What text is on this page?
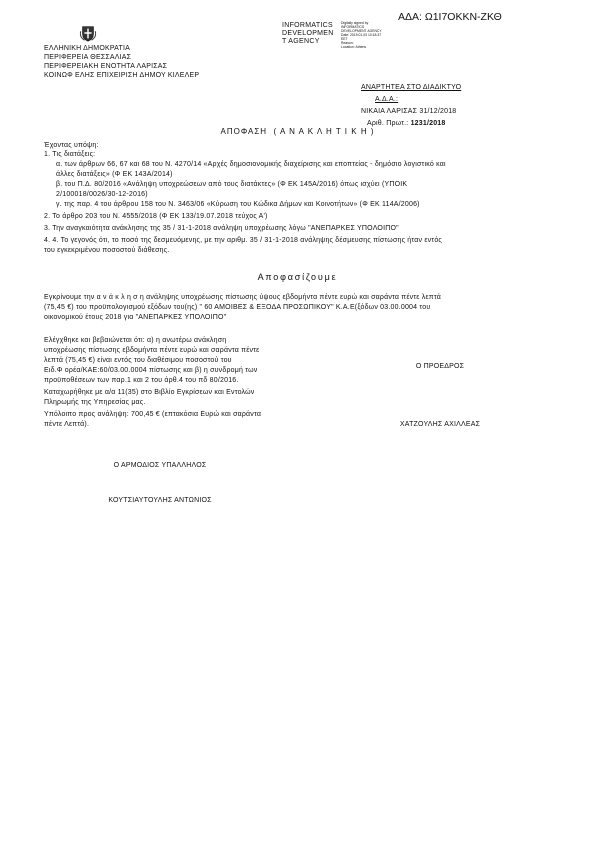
ΑΔΑ: Ω1Ι7ΟΚΚΝ-ΖΚΘ
INFORMATICS
DEVELOPMEN
T AGENCY
Digitally signed by
INFORMATICS
DEVELOPMENT AGENCY
Date: 2019.01.03 10:18:37
EET
Reason:
Location: Athens
ΕΛΛΗΝΙΚΗ ΔΗΜΟΚΡΑΤΙΑ
ΠΕΡΙΦΕΡΕΙΑ ΘΕΣΣΑΛΙΑΣ
ΠΕΡΙΦΕΡΕΙΑΚΗ ΕΝΟΤΗΤΑ ΛΑΡΙΣΑΣ
ΚΟΙΝΩΦ ΕΛΗΣ ΕΠΙΧΕΙΡΙΣΗ ΔΗΜΟΥ ΚΙΛΕΛΕΡ
ΑΝΑΡΤΗΤΕΑ ΣΤΟ ΔΙΑΔΙΚΤΥΟ
Α.Δ.Α.:
ΝΙΚΑΙΑ ΛΑΡΙΣΑΣ 31/12/2018
Αριθ. Πρωτ.: 1231/2018
ΑΠΟΦΑΣΗ  ( Α Ν Α Κ Λ Η Τ Ι Κ Η )
Έχοντας υπόψη:
1. Τις διατάξεις:
α. των άρθρων 66, 67 και 68 του Ν. 4270/14 «Αρχές δημοσιονομικής διαχείρισης και εποπτείας - δημόσιο λογιστικό και
άλλες διατάξεις» (Φ ΕΚ 143Α/2014)
β. του Π.Δ. 80/2016 «Ανάληψη υποχρεώσεων από τους διατάκτες» (Φ ΕΚ 145Α/2016) όπως ισχύει (ΥΠΟΙΚ
2/100018/0026/30-12-2016)
γ. της παρ. 4 του άρθρου 158 του Ν. 3463/06 «Κύρωση του Κώδικα Δήμων και Κοινοτήτων» (Φ ΕΚ 114Α/2006)
2. Το άρθρο 203 του Ν. 4555/2018 (Φ ΕΚ 133/19.07.2018 τεύχος Α')
3. Την αναγκαιότητα ανάκλησης της 35 / 31-1-2018 ανάληψη υποχρέωσης λόγω "ΑΝΕΠΑΡΚΕΣ ΥΠΟΛΟΙΠΟ"
4. 4. Το γεγονός ότι, το ποσό της δεσμευόμενης, με την αριθμ. 35 / 31-1-2018 ανάληψης δέσμευσης πίστωσης ήταν εντός
του εγκεκριμένου ποσοστού διάθεσης.
Αποφασίζουμε
Εγκρίνουμε την α ν ά κ λ η σ η ανάληψης υποχρέωσης πίστωσης ύψους εβδομήντα πέντε ευρώ και σαράντα πέντε λεπτά
(75,45 €) του προϋπολογισμού εξόδων του(ης) " 60 ΑΜΟΙΒΕΣ & ΕΞΟΔΑ ΠΡΟΣΩΠΙΚΟΥ" Κ.Α.Ε(ξόδων 03.00.0004 του
οικονομικού έτους 2018 για "ΑΝΕΠΑΡΚΕΣ ΥΠΟΛΟΙΠΟ"
Ελέγχθηκε και βεβαιώνεται ότι: α) η ανωτέρω ανάκληση
υποχρέωσης πίστωσης εβδομήντα πέντε ευρώ και σαράντα πέντε
λεπτά (75,45 €) είναι εντός του διαθέσιμου ποσοστού του
Ειδ.Φ ορέα/ΚΑΕ:60/03.00.0004 πίστωσης και β) η συνδρομή των
προϋποθέσεων των παρ.1 και 2 του άρθ.4 του πδ 80/2016.
Καταχωρήθηκε με α/α 11(35) στο Βιβλίο Εγκρίσεων και Εντολών
Πληρωμής της Υπηρεσίας μας.
Υπόλοιπο προς ανάληψη: 700,45 € (επτακόσια Ευρώ και σαράντα
πέντε Λεπτά).
Ο ΠΡΟΕΔΡΟΣ
ΧΑΤΖΟΥΛΗΣ ΑΧΙΛΛΕΑΣ
Ο ΑΡΜΟΔΙΟΣ ΥΠΑΛΛΗΛΟΣ
ΚΟΥΤΣΙΑΥΤΟΥΛΗΣ ΑΝΤΩΝΙΟΣ
